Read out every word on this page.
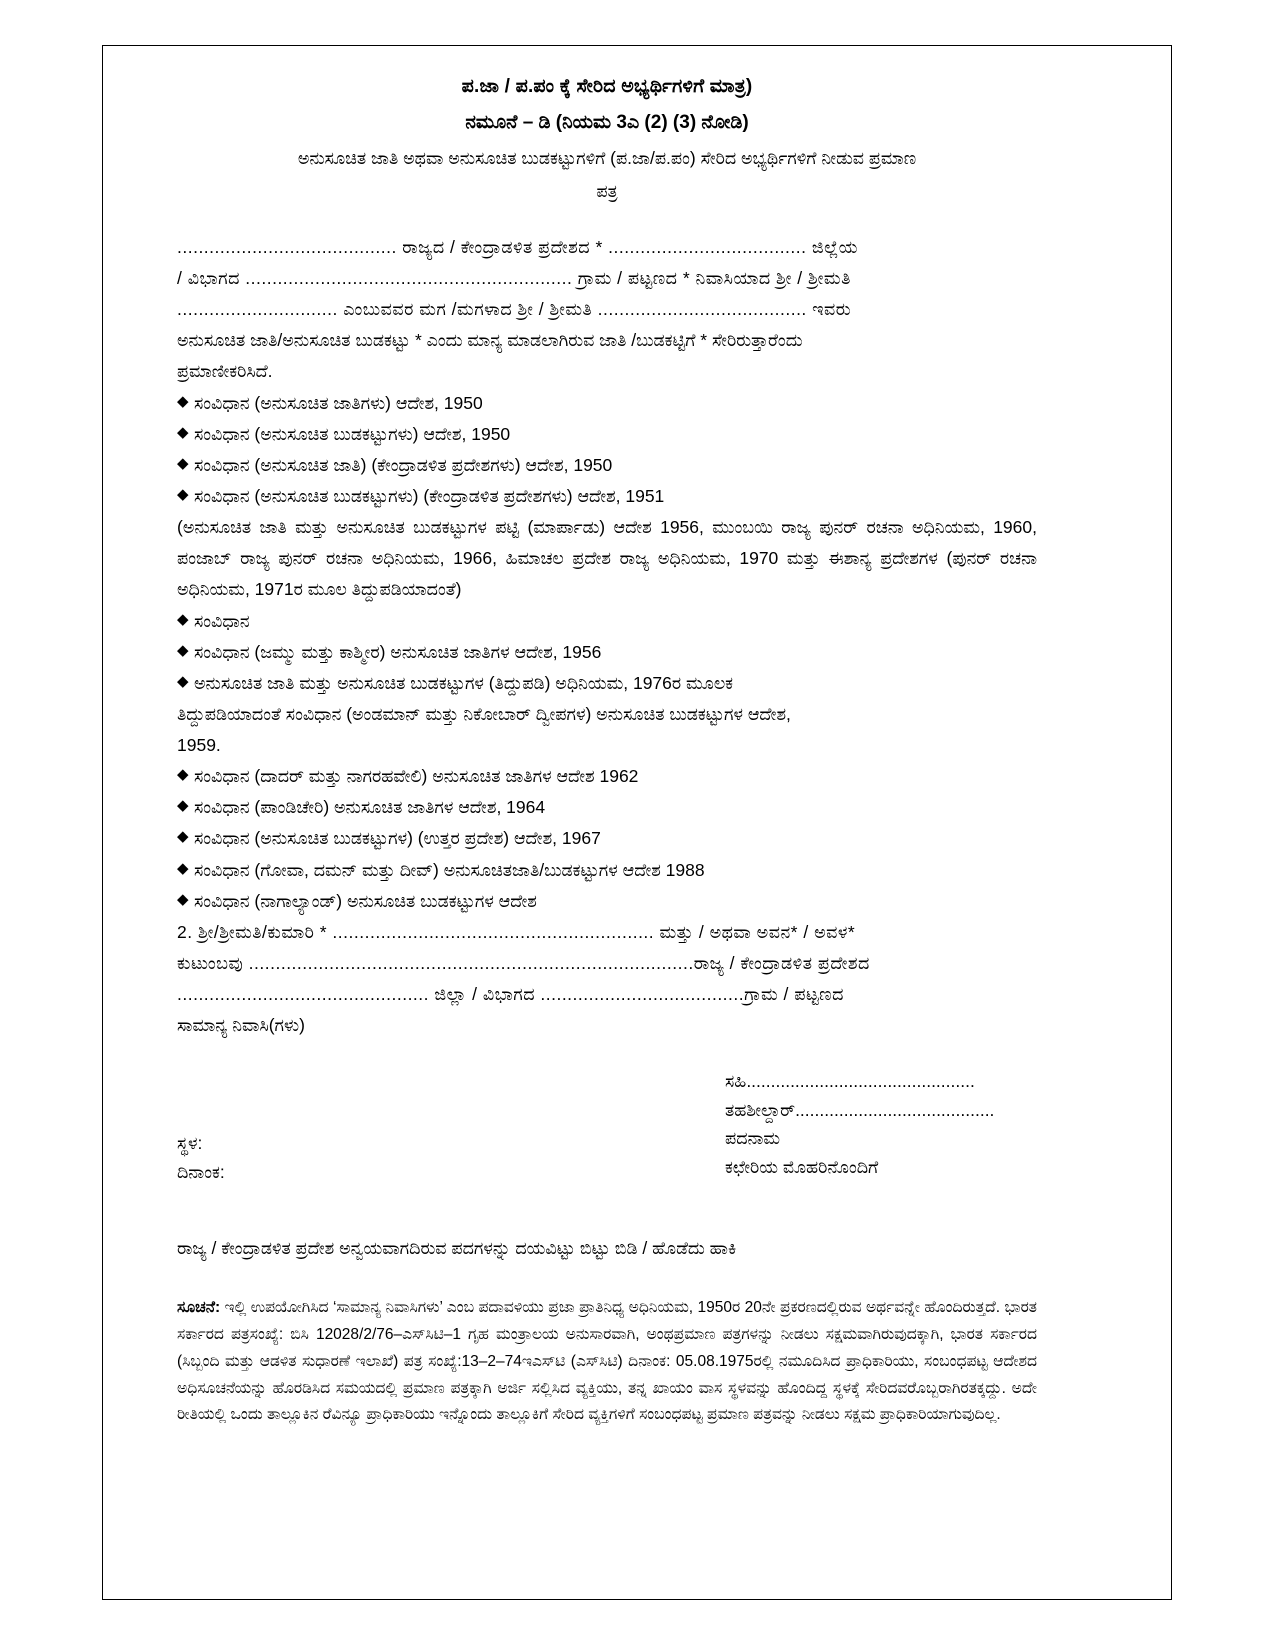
ಪ.ಜಾ / ಪ.ಪಂ ಕ್ಕೆ ಸೇರಿದ ಅಭ್ಯರ್ಥಿಗಳಿಗೆ ಮಾತ್ರ)
ನಮೂನೆ – ಡಿ (ನಿಯಮ 3ಎ (2) (3) ನೋಡಿ)
ಅನುಸೂಚಿತ ಜಾತಿ ಅಥವಾ ಅನುಸೂಚಿತ ಬುಡಕಟ್ಟುಗಳಿಗೆ (ಪ.ಜಾ/ಪ.ಪಂ) ಸೇರಿದ ಅಭ್ಯರ್ಥಿಗಳಿಗೆ ನೀಡುವ ಪ್ರಮಾಣ
ಪತ್ರ
......................................... ರಾಜ್ಯದ / ಕೇಂದ್ರಾಡಳಿತ ಪ್ರದೇಶದ * ..................................... ಜಿಲ್ಲೆಯ
/ ವಿಭಾಗದ ............................................................. ಗ್ರಾಮ / ಪಟ್ಟಣದ * ನಿವಾಸಿಯಾದ ಶ್ರೀ / ಶ್ರೀಮತಿ
.............................. ಎಂಬುವವರ ಮಗ /ಮಗಳಾದ ಶ್ರೀ / ಶ್ರೀಮತಿ ....................................... ಇವರು
ಅನುಸೂಚಿತ ಜಾತಿ/ಅನುಸೂಚಿತ ಬುಡಕಟ್ಟು * ಎಂದು ಮಾನ್ಯ ಮಾಡಲಾಗಿರುವ ಜಾತಿ /ಬುಡಕಟ್ಟಿಗೆ * ಸೇರಿರುತ್ತಾರೆಂದು
ಪ್ರಮಾಣೀಕರಿಸಿದೆ.
◆ ಸಂವಿಧಾನ (ಅನುಸೂಚಿತ ಜಾತಿಗಳು) ಆದೇಶ, 1950
◆ ಸಂವಿಧಾನ (ಅನುಸೂಚಿತ ಬುಡಕಟ್ಟುಗಳು) ಆದೇಶ, 1950
◆ ಸಂವಿಧಾನ (ಅನುಸೂಚಿತ ಜಾತಿ) (ಕೇಂದ್ರಾಡಳಿತ ಪ್ರದೇಶಗಳು) ಆದೇಶ, 1950
◆ ಸಂವಿಧಾನ (ಅನುಸೂಚಿತ ಬುಡಕಟ್ಟುಗಳು) (ಕೇಂದ್ರಾಡಳಿತ ಪ್ರದೇಶಗಳು) ಆದೇಶ, 1951
(ಅನುಸೂಚಿತ ಜಾತಿ ಮತ್ತು ಅನುಸೂಚಿತ ಬುಡಕಟ್ಟುಗಳ ಪಟ್ಟಿ (ಮಾರ್ಪಾಡು) ಆದೇಶ 1956, ಮುಂಬಯಿ ರಾಜ್ಯ ಪುನರ್ ರಚನಾ ಅಧಿನಿಯಮ, 1960, ಪಂಜಾಬ್ ರಾಜ್ಯ ಪುನರ್ ರಚನಾ ಅಧಿನಿಯಮ, 1966, ಹಿಮಾಚಲ ಪ್ರದೇಶ ರಾಜ್ಯ ಅಧಿನಿಯಮ, 1970 ಮತ್ತು ಈಶಾನ್ಯ ಪ್ರದೇಶಗಳ (ಪುನರ್ ರಚನಾ ಅಧಿನಿಯಮ, 1971ರ ಮೂಲ ತಿದ್ದುಪಡಿಯಾದಂತೆ)
◆ ಸಂವಿಧಾನ
◆ ಸಂವಿಧಾನ (ಜಮ್ಮು ಮತ್ತು ಕಾಶ್ಮೀರ) ಅನುಸೂಚಿತ ಜಾತಿಗಳ ಆದೇಶ, 1956
◆ ಅನುಸೂಚಿತ ಜಾತಿ ಮತ್ತು ಅನುಸೂಚಿತ ಬುಡಕಟ್ಟುಗಳ (ತಿದ್ದುಪಡಿ) ಅಧಿನಿಯಮ, 1976ರ ಮೂಲಕ
ತಿದ್ದುಪಡಿಯಾದಂತೆ ಸಂವಿಧಾನ (ಅಂಡಮಾನ್ ಮತ್ತು ನಿಕೋಬಾರ್ ದ್ವೀಪಗಳ) ಅನುಸೂಚಿತ ಬುಡಕಟ್ಟುಗಳ ಆದೇಶ,
1959.
◆ ಸಂವಿಧಾನ (ದಾದರ್ ಮತ್ತು ನಾಗರಹವೇಲಿ) ಅನುಸೂಚಿತ ಜಾತಿಗಳ ಆದೇಶ 1962
◆ ಸಂವಿಧಾನ (ಪಾಂಡಿಚೇರಿ) ಅನುಸೂಚಿತ ಜಾತಿಗಳ ಆದೇಶ, 1964
◆ ಸಂವಿಧಾನ (ಅನುಸೂಚಿತ ಬುಡಕಟ್ಟುಗಳ) (ಉತ್ತರ ಪ್ರದೇಶ) ಆದೇಶ, 1967
◆ ಸಂವಿಧಾನ (ಗೋವಾ, ದಮನ್ ಮತ್ತು ದೀವ್) ಅನುಸೂಚಿತಜಾತಿ/ಬುಡಕಟ್ಟುಗಳ ಆದೇಶ 1988
◆ ಸಂವಿಧಾನ (ನಾಗಾಲ್ಯಾಂಡ್) ಅನುಸೂಚಿತ ಬುಡಕಟ್ಟುಗಳ ಆದೇಶ
2. ಶ್ರೀ/ಶ್ರೀಮತಿ/ಕುಮಾರಿ * ............................................................ ಮತ್ತು / ಅಥವಾ ಅವನ* / ಅವಳ*
ಕುಟುಂಬವು ...................................................................................ರಾಜ್ಯ / ಕೇಂದ್ರಾಡಳಿತ ಪ್ರದೇಶದ
............................................... ಜಿಲ್ಲಾ / ವಿಭಾಗದ ......................................ಗ್ರಾಮ / ಪಟ್ಟಣದ
ಸಾಮಾನ್ಯ ನಿವಾಸಿ(ಗಳು)
ಸಹಿ...............................................
ತಹಶೀಲ್ದಾರ್.........................................
ಪದನಾಮ
ಕಛೇರಿಯ ಮೊಹರಿನೊಂದಿಗೆ
ಸ್ಥಳ:
ದಿನಾಂಕ:
ರಾಜ್ಯ / ಕೇಂದ್ರಾಡಳಿತ ಪ್ರದೇಶ ಅನ್ವಯವಾಗದಿರುವ ಪದಗಳನ್ನು ದಯವಿಟ್ಟು ಬಿಟ್ಟು ಬಿಡಿ / ಹೊಡೆದು ಹಾಕಿ
ಸೂಚನೆ: ಇಲ್ಲಿ ಉಪಯೋಗಿಸಿದ ‘ಸಾಮಾನ್ಯ ನಿವಾಸಿಗಳು’ ಎಂಬ ಪದಾವಳಿಯು ಪ್ರಜಾ ಪ್ರಾತಿನಿಧ್ಯ ಅಧಿನಿಯಮ, 1950ರ 20ನೇ ಪ್ರಕರಣದಲ್ಲಿರುವ ಅರ್ಥವನ್ನೇ ಹೊಂದಿರುತ್ತದೆ. ಭಾರತ ಸರ್ಕಾರದ ಪತ್ರಸಂಖ್ಯೆ: ಬಿಸಿ 12028/2/76–ಎಸ್‌ಸಿಟಿ–1 ಗೃಹ ಮಂತ್ರಾಲಯ ಅನುಸಾರವಾಗಿ, ಅಂಥಪ್ರಮಾಣ ಪತ್ರಗಳನ್ನು ನೀಡಲು ಸಕ್ಷಮವಾಗಿರುವುದಕ್ಕಾಗಿ, ಭಾರತ ಸರ್ಕಾರದ (ಸಿಬ್ಬಂದಿ ಮತ್ತು ಆಡಳಿತ ಸುಧಾರಣೆ ಇಲಾಖೆ) ಪತ್ರ ಸಂಖ್ಯೆ:13–2–74ಇಎಸ್‌ಟಿ (ಎಸ್‌ಸಿಟಿ) ದಿನಾಂಕ: 05.08.1975ರಲ್ಲಿ ನಮೂದಿಸಿದ ಪ್ರಾಧಿಕಾರಿಯು, ಸಂಬಂಧಪಟ್ಟ ಆದೇಶದ ಅಧಿಸೂಚನೆಯನ್ನು ಹೊರಡಿಸಿದ ಸಮಯದಲ್ಲಿ ಪ್ರಮಾಣ ಪತ್ರಕ್ಕಾಗಿ ಅರ್ಜಿ ಸಲ್ಲಿಸಿದ ವ್ಯಕ್ತಿಯು, ತನ್ನ ಖಾಯಂ ವಾಸ ಸ್ಥಳವನ್ನು ಹೊಂದಿದ್ದ ಸ್ಥಳಕ್ಕೆ ಸೇರಿದವರೊಬ್ಬರಾಗಿರತಕ್ಕದ್ದು. ಅದೇ ರೀತಿಯಲ್ಲಿ ಒಂದು ತಾಲ್ಲೂಕಿನ ರೆವಿನ್ಯೂ ಪ್ರಾಧಿಕಾರಿಯು ಇನ್ನೊಂದು ತಾಲ್ಲೂಕಿಗೆ ಸೇರಿದ ವ್ಯಕ್ತಿಗಳಿಗೆ ಸಂಬಂಧಪಟ್ಟ ಪ್ರಮಾಣ ಪತ್ರವನ್ನು ನೀಡಲು ಸಕ್ಷಮ ಪ್ರಾಧಿಕಾರಿಯಾಗುವುದಿಲ್ಲ.
